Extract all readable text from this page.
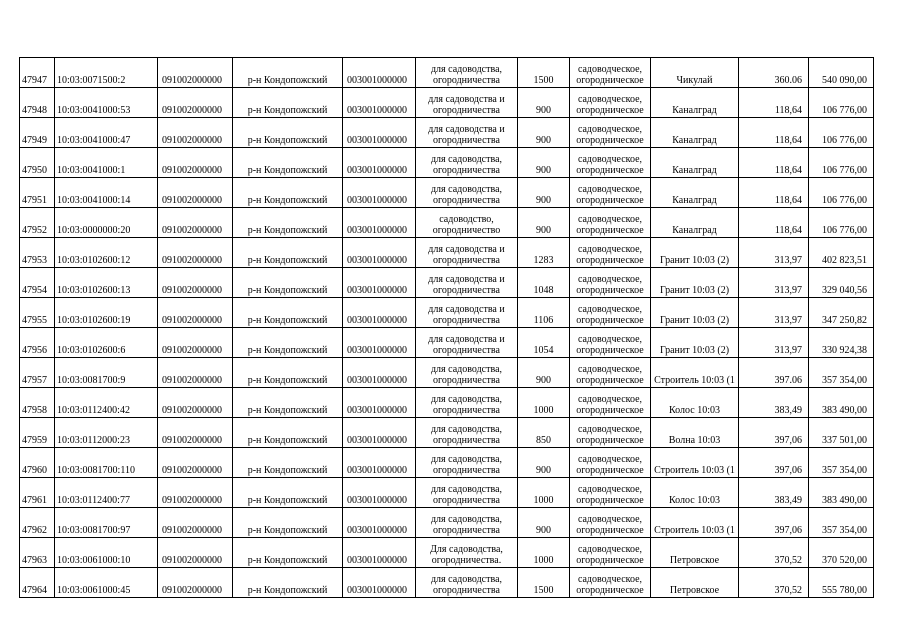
47947	10:03:0071500:2	091002000000	р-н Кондопожский	003001000000	для садоводства, огородничества	1500	садоводческое, огородническое	Чикулай	360.06	540 090,00
47948	10:03:0041000:53	091002000000	р-н Кондопожский	003001000000	для садоводства и огородничества	900	садоводческое, огородническое	Каналград	118,64	106 776,00
47949	10:03:0041000:47	091002000000	р-н Кондопожский	003001000000	для садоводства и огородничества	900	садоводческое, огородническое	Каналград	118,64	106 776,00
47950	10:03:0041000:1	091002000000	р-н Кондопожский	003001000000	для садоводства, огородничества	900	садоводческое, огородническое	Каналград	118,64	106 776,00
47951	10:03:0041000:14	091002000000	р-н Кондопожский	003001000000	для садоводства, огородничества	900	садоводческое, огородническое	Каналград	118,64	106 776,00
47952	10:03:0000000:20	091002000000	р-н Кондопожский	003001000000	садоводство, огородничество	900	садоводческое, огородническое	Каналград	118,64	106 776,00
47953	10:03:0102600:12	091002000000	р-н Кондопожский	003001000000	для садоводства и огородничества	1283	садоводческое, огородническое	Гранит 10:03 (2)	313,97	402 823,51
47954	10:03:0102600:13	091002000000	р-н Кондопожский	003001000000	для садоводства и огородничества	1048	садоводческое, огородническое	Гранит 10:03 (2)	313,97	329 040,56
47955	10:03:0102600:19	091002000000	р-н Кондопожский	003001000000	для садоводства и огородничества	1106	садоводческое, огородническое	Гранит 10:03 (2)	313,97	347 250,82
47956	10:03:0102600:6	091002000000	р-н Кондопожский	003001000000	для садоводства и огородничества	1054	садоводческое, огородническое	Гранит 10:03 (2)	313,97	330 924,38
47957	10:03:0081700:9	091002000000	р-н Кондопожский	003001000000	для садоводства, огородничества	900	садоводческое, огородническое	Строитель 10:03 (1	397.06	357 354,00
47958	10:03:0112400:42	091002000000	р-н Кондопожский	003001000000	для садоводства, огородничества	1000	садоводческое, огородническое	Колос 10:03	383,49	383 490,00
47959	10:03:0112000:23	091002000000	р-н Кондопожский	003001000000	для садоводства, огородничества	850	садоводческое, огородническое	Волна 10:03	397,06	337 501,00
47960	10:03:0081700:110	091002000000	р-н Кондопожский	003001000000	для садоводства, огородничества	900	садоводческое, огородническое	Строитель 10:03 (1	397,06	357 354,00
47961	10:03:0112400:77	091002000000	р-н Кондопожский	003001000000	для садоводства, огородничества	1000	садоводческое, огородническое	Колос 10:03	383,49	383 490,00
47962	10:03:0081700:97	091002000000	р-н Кондопожский	003001000000	для садоводства, огородничества	900	садоводческое, огородническое	Строитель 10:03 (1	397,06	357 354,00
47963	10:03:0061000:10	091002000000	р-н Кондопожский	003001000000	Для садоводства, огородничества.	1000	садоводческое, огородническое	Петровское	370,52	370 520,00
47964	10:03:0061000:45	091002000000	р-н Кондопожский	003001000000	для садоводства, огородничества	1500	садоводческое, огородническое	Петровское	370,52	555 780,00
